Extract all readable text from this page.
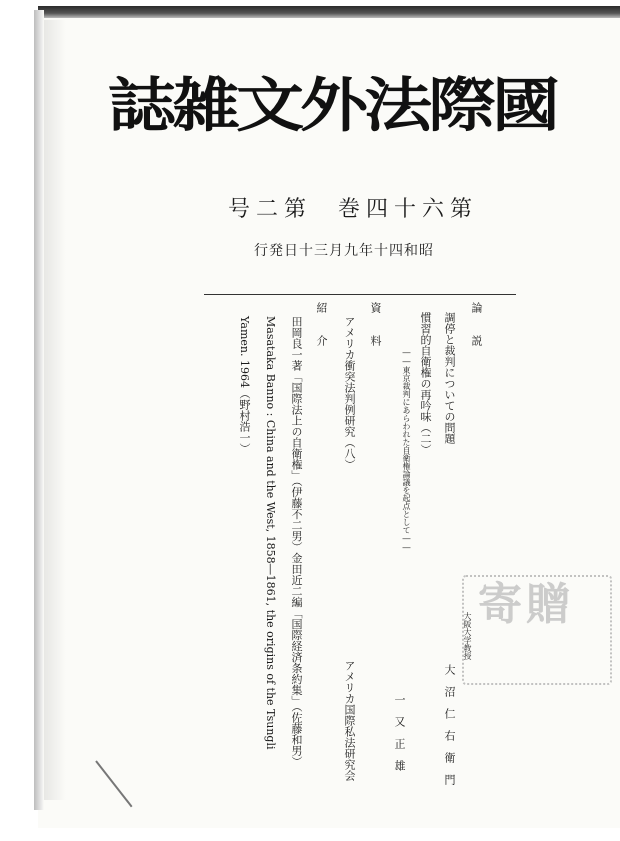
誌雑文外法際國
号二第 巻四十六第
行発日十三月九年十四和昭
論　　説
調停と裁判についての問題
慣習的自衛権の再吟味（二）
――東京裁判にあらわれた自衛権論議を起点として――
大阪大学教授
大　沼　仁　右　衛　門
一　又　正　雄
資　　料
アメリカ衝突法判例研究（八）
アメリカ国際私法研究会
紹　　介
田岡良一著「国際法上の自衛権」（伊藤不二男）金田近二編「国際経済条約集」（佐藤和男）
Masataka Banno : China and the West, 1858―1861, the origins of the Tsungli
Yamen. 1964（野村浩一）
寄贈
